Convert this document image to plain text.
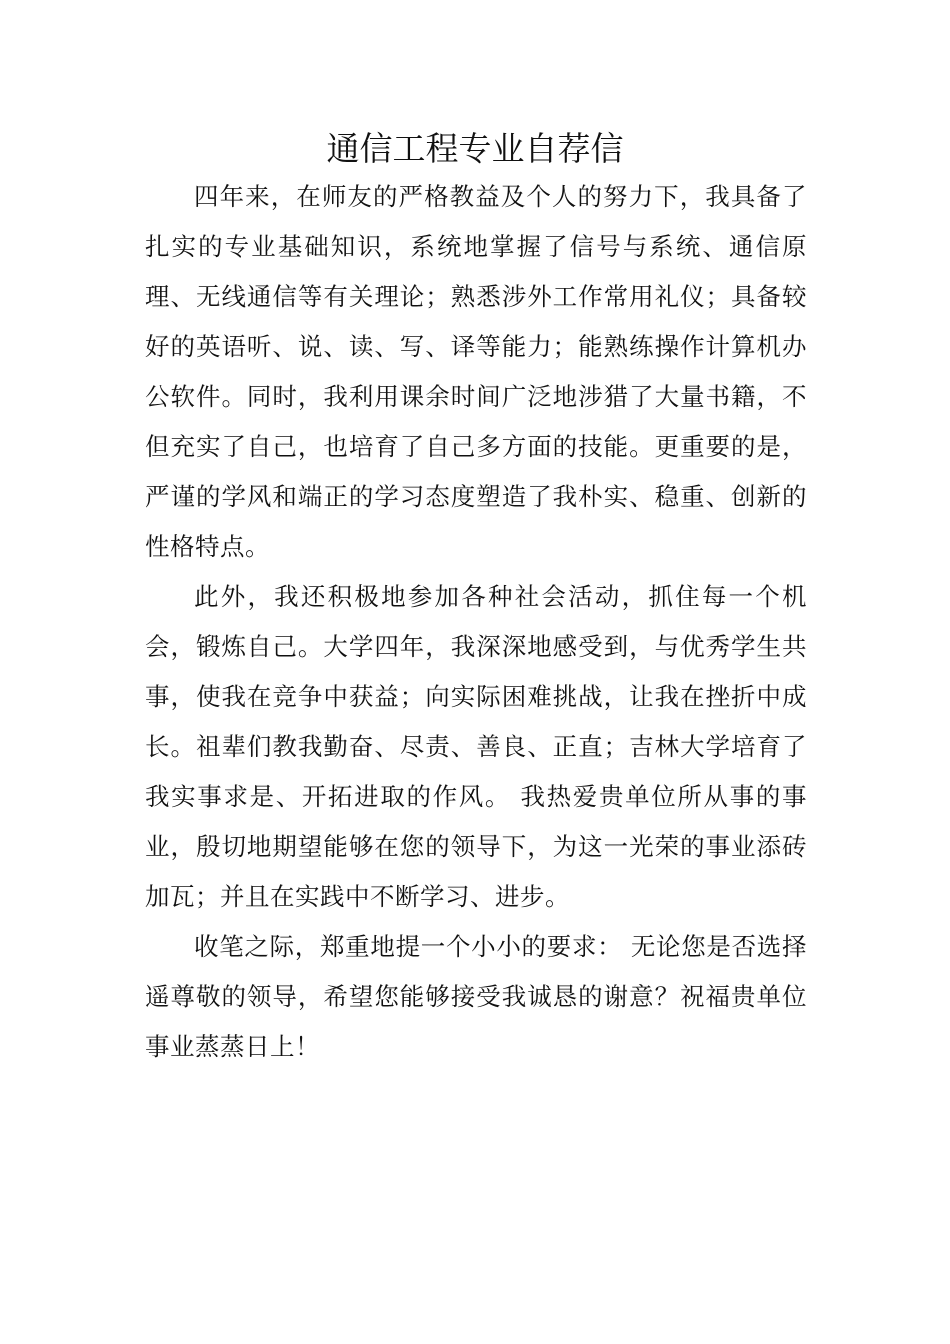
通信工程专业自荐信

四年来，在师友的严格教益及个人的努力下，我具备了扎实的专业基础知识，系统地掌握了信号与系统、通信原理、无线通信等有关理论；熟悉涉外工作常用礼仪；具备较好的英语听、说、读、写、译等能力；能熟练操作计算机办公软件。同时，我利用课余时间广泛地涉猎了大量书籍，不但充实了自己，也培育了自己多方面的技能。更重要的是，严谨的学风和端正的学习态度塑造了我朴实、稳重、创新的性格特点。

此外，我还积极地参加各种社会活动，抓住每一个机会，锻炼自己。大学四年，我深深地感受到，与优秀学生共事，使我在竞争中获益；向实际困难挑战，让我在挫折中成长。祖辈们教我勤奋、尽责、善良、正直；吉林大学培育了我实事求是、开拓进取的作风。 我热爱贵单位所从事的事业，殷切地期望能够在您的领导下，为这一光荣的事业添砖加瓦；并且在实践中不断学习、进步。

收笔之际，郑重地提一个小小的要求： 无论您是否选择遥尊敬的领导，希望您能够接受我诚恳的谢意？祝福贵单位事业蒸蒸日上！
